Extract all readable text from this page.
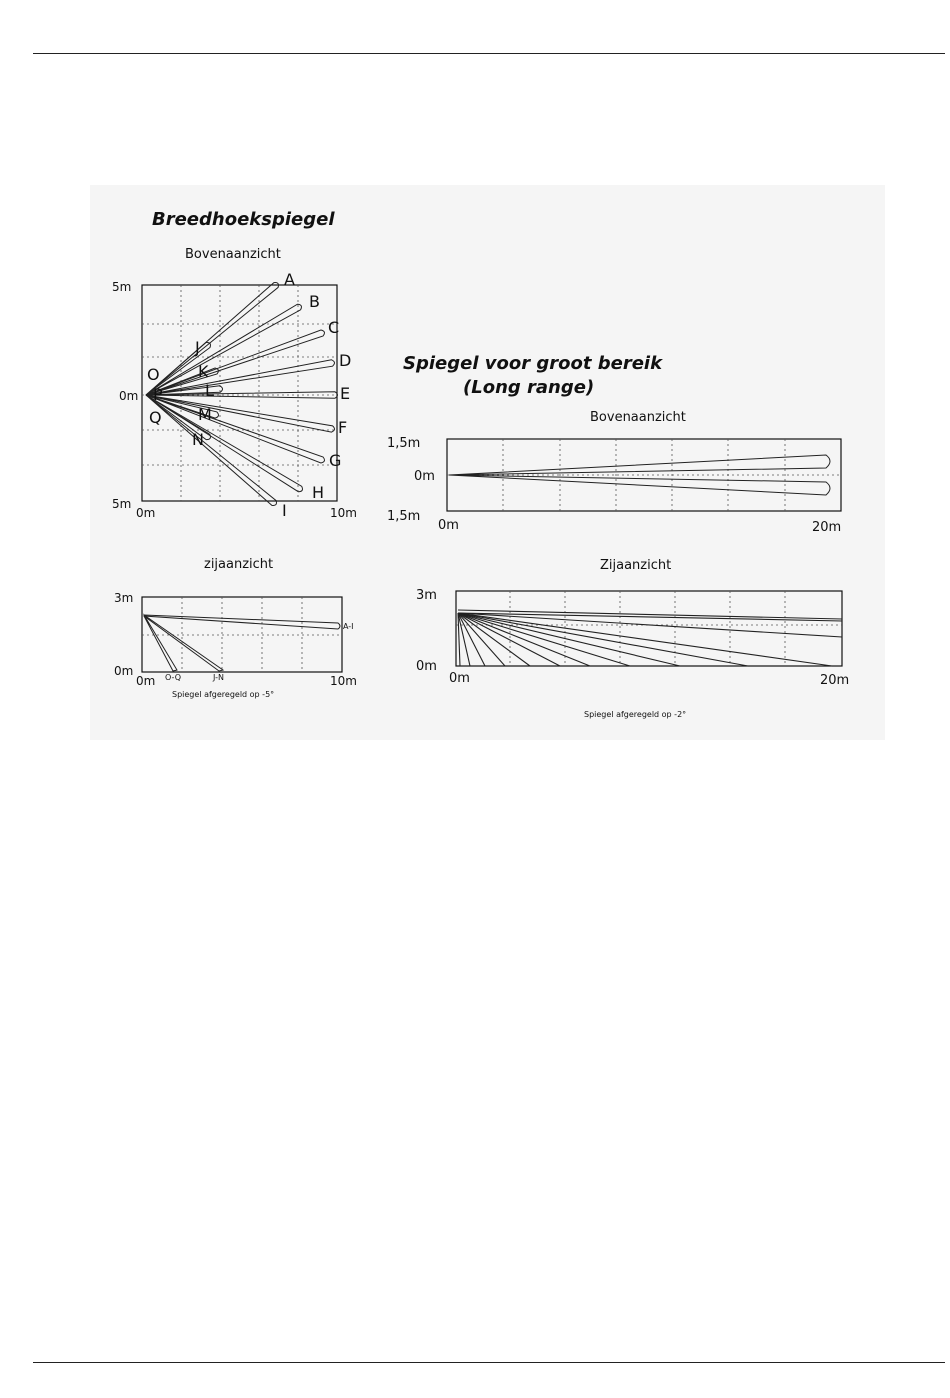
Breedhoekspiegel
Bovenaanzicht
5m
0m
5m
0m	10m
A
B
C
D
E
F
G
H
I
J
K
L
M
N
O
P
Q
zijaanzicht
3m
0m
0m	10m
A-I
O-Q	J-N
Spiegel afgeregeld op -5°
Spiegel voor groot bereik
(Long range)
Bovenaanzicht
1,5m
0m
1,5m
0m	20m
Zijaanzicht
3m
0m
0m	20m
Spiegel afgeregeld op -2°
